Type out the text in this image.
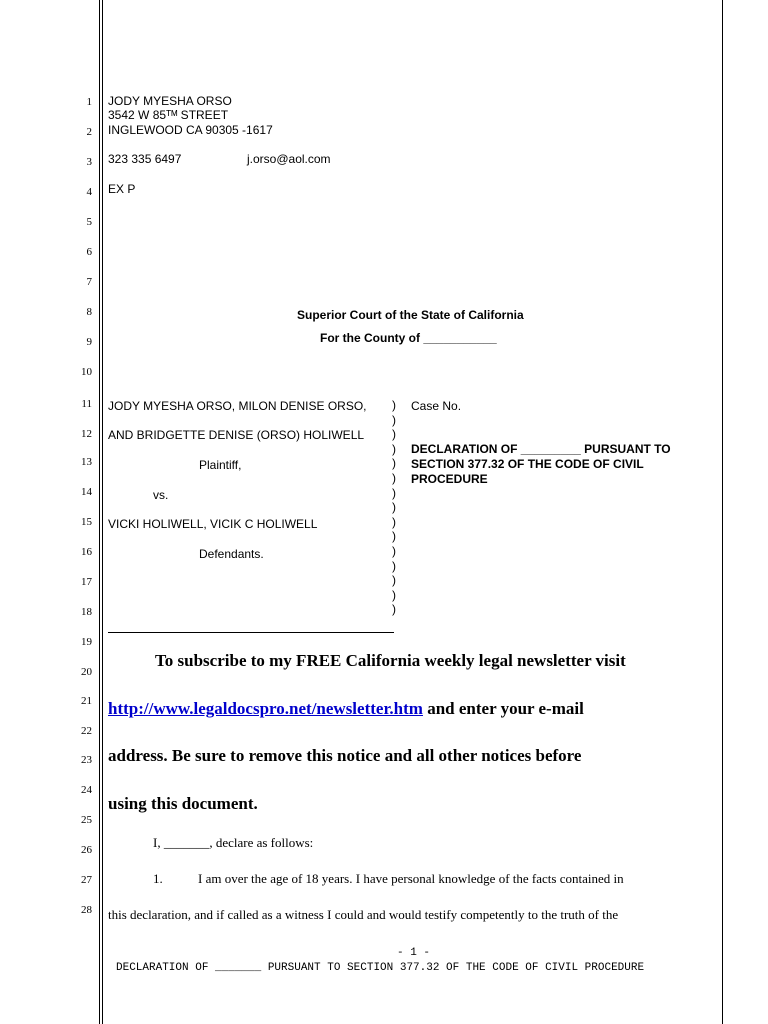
1
2
3
4
5
6
7
8
9
10
11
12
13
14
15
16
17
18
19
20
21
22
23
24
25
26
27
28
JODY MYESHA ORSO
3542 W 85ᵀᴹ STREET
INGLEWOOD CA 90305 -1617
323 335 6497	j.orso@aol.com
EX P
Superior Court of the State of California
For the County of ___________
JODY MYESHA ORSO, MILON DENISE ORSO,
AND BRIDGETTE DENISE (ORSO) HOLIWELL
Plaintiff,
vs.
VICKI HOLIWELL, VICIK C HOLIWELL
Defendants.
)
)
)
)
)
)
)
)
)
)
)
)
)
)
)
Case No.
DECLARATION OF _________ PURSUANT TO
SECTION 377.32 OF THE CODE OF CIVIL
PROCEDURE
To subscribe to my FREE California weekly legal newsletter visit
http://www.legaldocspro.net/newsletter.htm and enter your e-mail
address. Be sure to remove this notice and all other notices before
using this document.
I, _______, declare as follows:
1.	I am over the age of 18 years. I have personal knowledge of the facts contained in
this declaration, and if called as a witness I could and would testify competently to the truth of the
- 1 -
DECLARATION OF _______ PURSUANT TO SECTION 377.32 OF THE CODE OF CIVIL PROCEDURE
